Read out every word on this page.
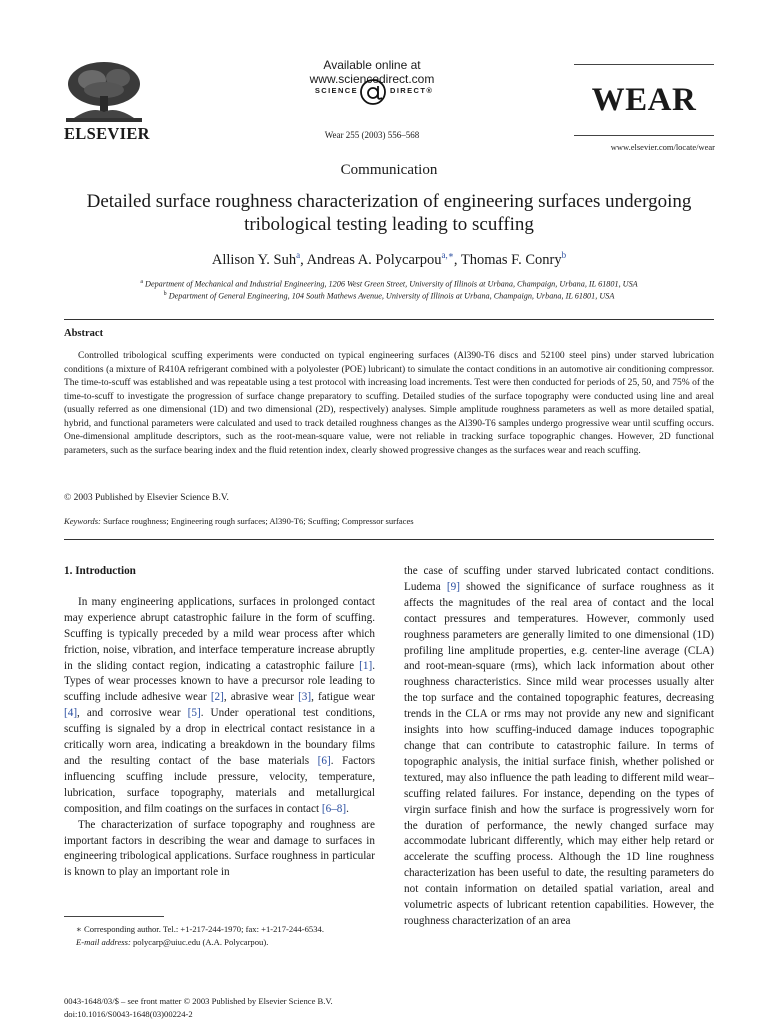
ELSEVIER
Available online at www.sciencedirect.com
SCIENCE	DIRECT®
Wear 255 (2003) 556–568
WEAR
www.elsevier.com/locate/wear
Communication
Detailed surface roughness characterization of engineering surfaces undergoing tribological testing leading to scuffing
Allison Y. Suh$^a$, Andreas A. Polycarpou$^{a,∗}$, Thomas F. Conry$^b$
$^a$ Department of Mechanical and Industrial Engineering, 1206 West Green Street, University of Illinois at Urbana, Champaign, Urbana, IL 61801, USA
$^b$ Department of General Engineering, 104 South Mathews Avenue, University of Illinois at Urbana, Champaign, Urbana, IL 61801, USA
Abstract
Controlled tribological scuffing experiments were conducted on typical engineering surfaces (Al390-T6 discs and 52100 steel pins) under starved lubrication conditions (a mixture of R410A refrigerant combined with a polyolester (POE) lubricant) to simulate the contact conditions in an automotive air conditioning compressor. The time-to-scuff was established and was repeatable using a test protocol with increasing load increments. Test were then conducted for periods of 25, 50, and 75% of the time-to-scuff to investigate the progression of surface change preparatory to scuffing. Detailed studies of the surface topography were conducted using line and areal (usually referred as one dimensional (1D) and two dimensional (2D), respectively) analyses. Simple amplitude roughness parameters as well as more detailed spatial, hybrid, and functional parameters were calculated and used to track detailed roughness changes as the Al390-T6 samples undergo progressive wear until scuffing occurs. One-dimensional amplitude descriptors, such as the root-mean-square value, were not reliable in tracking surface topographic changes. However, 2D functional parameters, such as the surface bearing index and the fluid retention index, clearly showed progressive changes as the surfaces wear and reach scuffing.
© 2003 Published by Elsevier Science B.V.
Keywords: Surface roughness; Engineering rough surfaces; Al390-T6; Scuffing; Compressor surfaces
1. Introduction

In many engineering applications, surfaces in prolonged contact may experience abrupt catastrophic failure in the form of scuffing. Scuffing is typically preceded by a mild wear process after which friction, noise, vibration, and interface temperature increase abruptly in the sliding contact region, indicating a catastrophic failure [1]. Types of wear processes known to have a precursor role leading to scuffing include adhesive wear [2], abrasive wear [3], fatigue wear [4], and corrosive wear [5]. Under operational test conditions, scuffing is signaled by a drop in electrical contact resistance in a critically worn area, indicating a breakdown in the boundary films and the resulting contact of the base materials [6]. Factors influencing scuffing include pressure, velocity, temperature, lubrication, surface topography, materials and metallurgical composition, and film coatings on the surfaces in contact [6–8].

The characterization of surface topography and roughness are important factors in describing the wear and damage to surfaces in engineering tribological applications. Surface roughness in particular is known to play an important role in

the case of scuffing under starved lubricated contact conditions. Ludema [9] showed the significance of surface roughness as it affects the magnitudes of the real area of contact and the local contact pressures and temperatures. However, commonly used roughness parameters are generally limited to one dimensional (1D) profiling line amplitude properties, e.g. center-line average (CLA) and root-mean-square (rms), which lack information about other roughness characteristics. Since mild wear processes usually alter the top surface and the contained topographic features, decreasing trends in the CLA or rms may not provide any new and significant insights into how scuffing-induced damage induces topographic change that can contribute to catastrophic failure. In terms of topographic analysis, the initial surface finish, whether polished or textured, may also influence the path leading to different mild wear–scuffing related failures. For instance, depending on the types of virgin surface finish and how the surface is progressively worn for the duration of performance, the newly changed surface may accommodate lubricant differently, which may either help retard or accelerate the scuffing process. Although the 1D line roughness characterization has been useful to date, the resulting parameters do not contain information on detailed spatial variation, areal and volumetric aspects of lubricant retention capabilities. However, the roughness characterization of an area

∗ Corresponding author. Tel.: +1-217-244-1970; fax: +1-217-244-6534.
E-mail address: polycarp@uiuc.edu (A.A. Polycarpou).
0043-1648/03/$ – see front matter © 2003 Published by Elsevier Science B.V.
doi:10.1016/S0043-1648(03)00224-2
